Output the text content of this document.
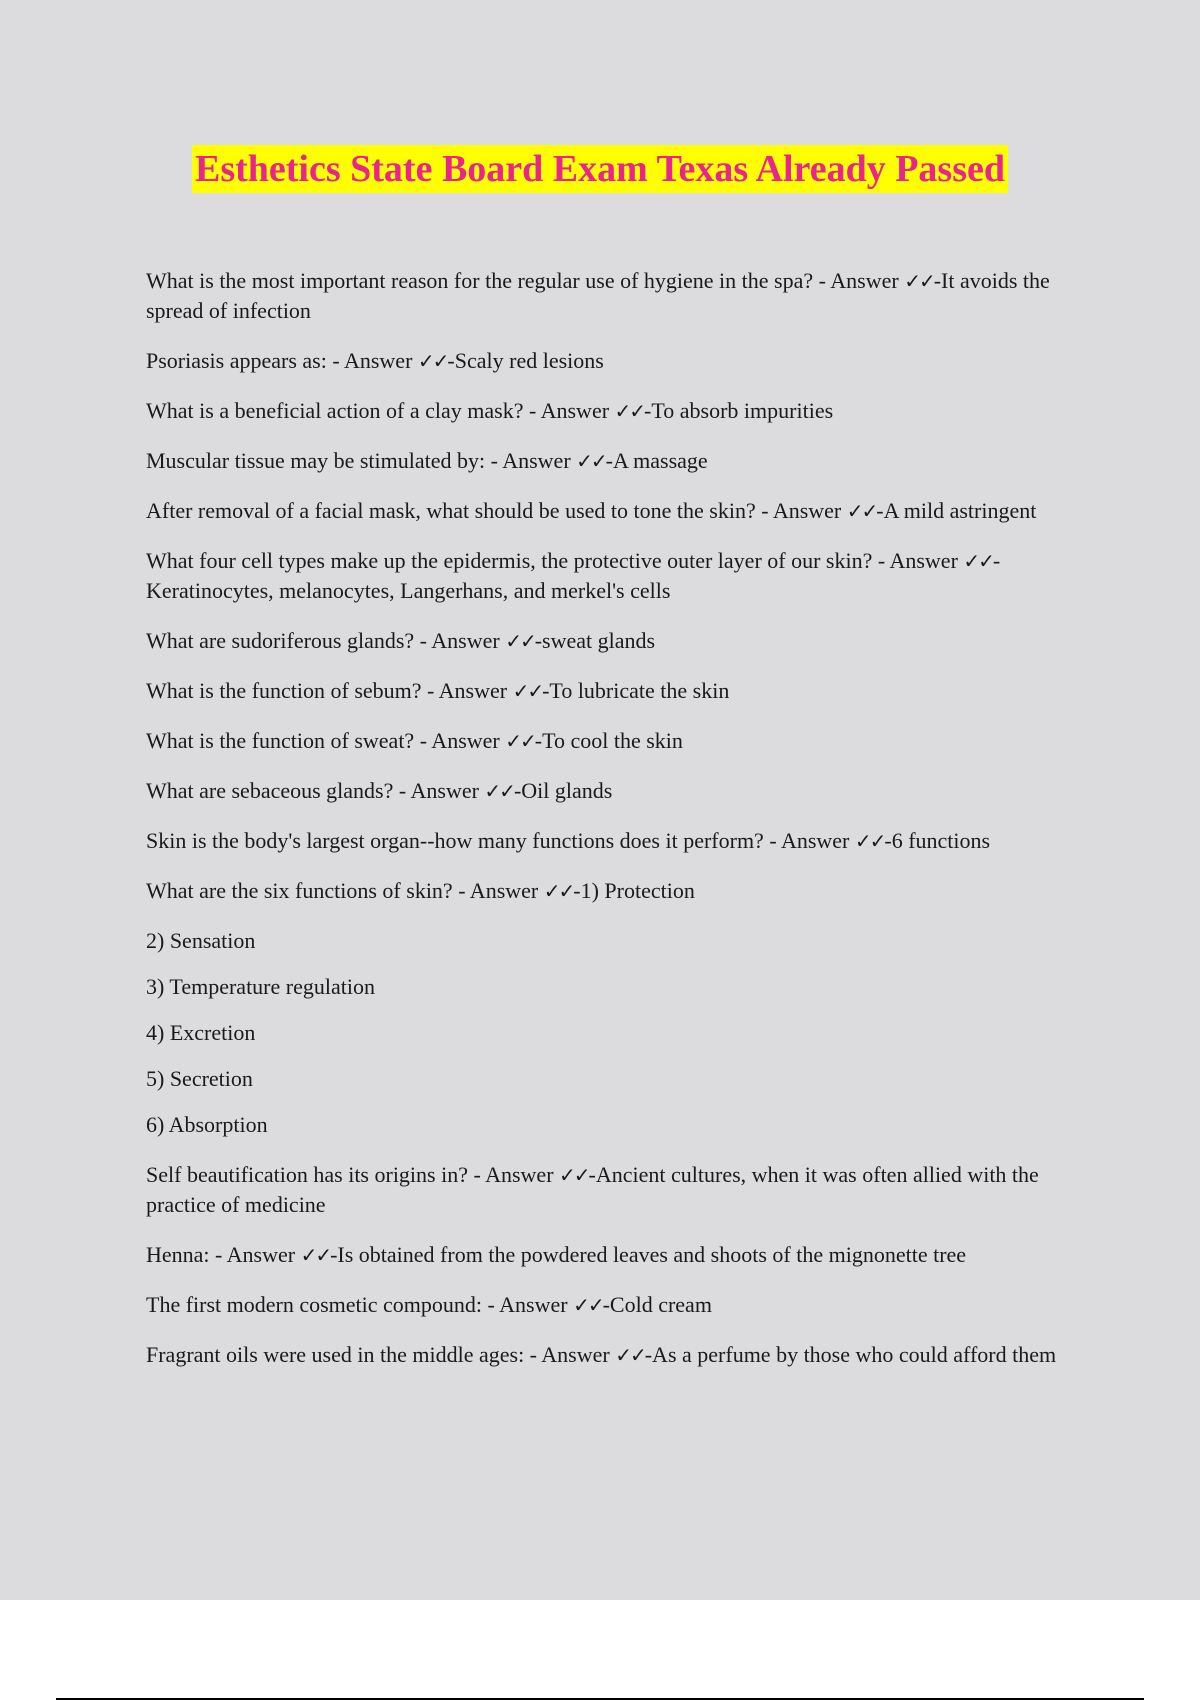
Esthetics State Board Exam Texas Already Passed

What is the most important reason for the regular use of hygiene in the spa? - Answer ✓✓-It avoids the spread of infection

Psoriasis appears as: - Answer ✓✓-Scaly red lesions

What is a beneficial action of a clay mask? - Answer ✓✓-To absorb impurities

Muscular tissue may be stimulated by: - Answer ✓✓-A massage

After removal of a facial mask, what should be used to tone the skin? - Answer ✓✓-A mild astringent

What four cell types make up the epidermis, the protective outer layer of our skin? - Answer ✓✓-Keratinocytes, melanocytes, Langerhans, and merkel's cells

What are sudoriferous glands? - Answer ✓✓-sweat glands

What is the function of sebum? - Answer ✓✓-To lubricate the skin

What is the function of sweat? - Answer ✓✓-To cool the skin

What are sebaceous glands? - Answer ✓✓-Oil glands

Skin is the body's largest organ--how many functions does it perform? - Answer ✓✓-6 functions

What are the six functions of skin? - Answer ✓✓-1) Protection

2) Sensation

3) Temperature regulation

4) Excretion

5) Secretion

6) Absorption

Self beautification has its origins in? - Answer ✓✓-Ancient cultures, when it was often allied with the practice of medicine

Henna: - Answer ✓✓-Is obtained from the powdered leaves and shoots of the mignonette tree

The first modern cosmetic compound: - Answer ✓✓-Cold cream

Fragrant oils were used in the middle ages: - Answer ✓✓-As a perfume by those who could afford them
